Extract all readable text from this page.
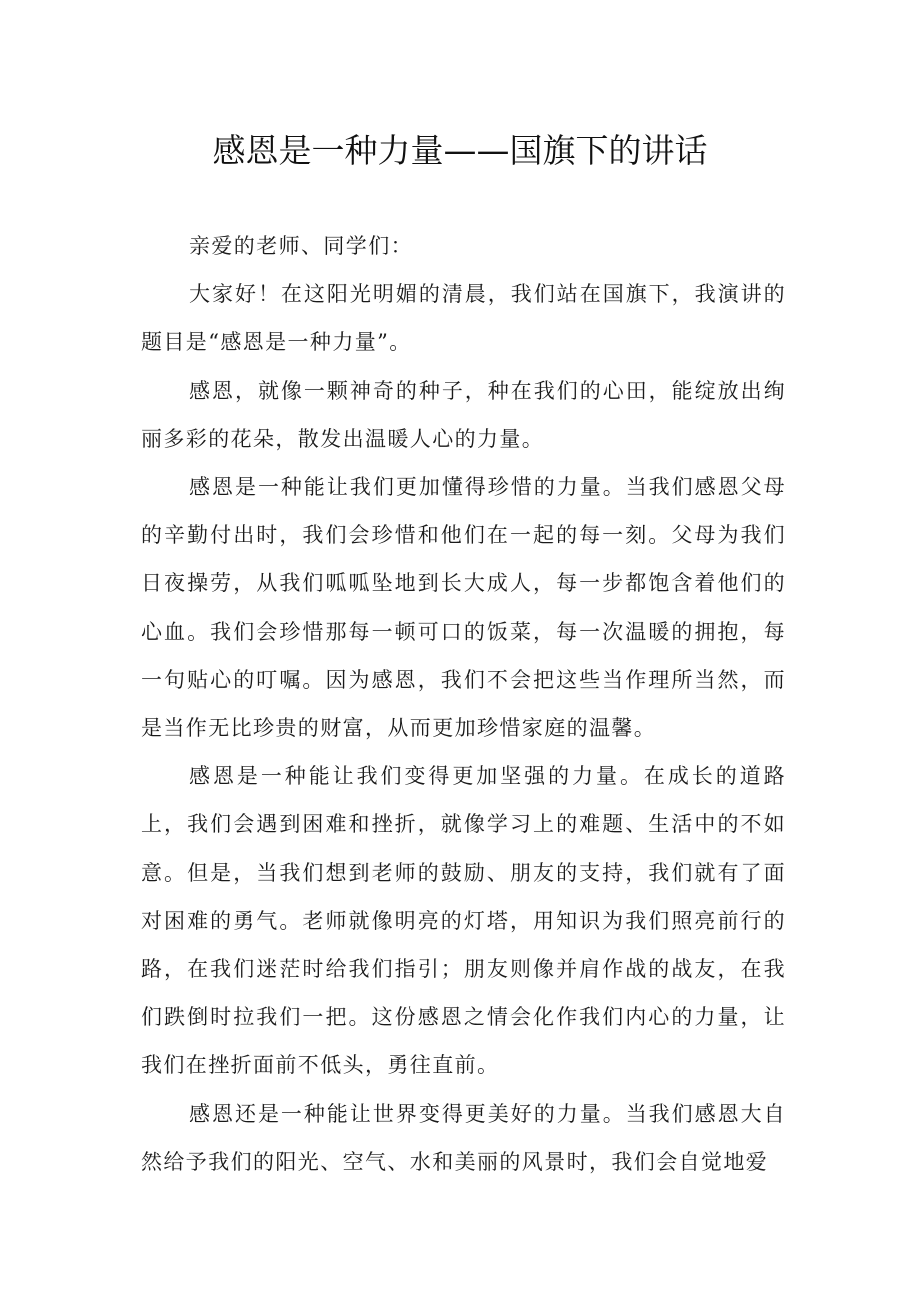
感恩是一种力量——国旗下的讲话

亲爱的老师、同学们：

大家好！在这阳光明媚的清晨，我们站在国旗下，我演讲的题目是“感恩是一种力量”。

感恩，就像一颗神奇的种子，种在我们的心田，能绽放出绚丽多彩的花朵，散发出温暖人心的力量。

感恩是一种能让我们更加懂得珍惜的力量。当我们感恩父母的辛勤付出时，我们会珍惜和他们在一起的每一刻。父母为我们日夜操劳，从我们呱呱坠地到长大成人，每一步都饱含着他们的心血。我们会珍惜那每一顿可口的饭菜，每一次温暖的拥抱，每一句贴心的叮嘱。因为感恩，我们不会把这些当作理所当然，而是当作无比珍贵的财富，从而更加珍惜家庭的温馨。

感恩是一种能让我们变得更加坚强的力量。在成长的道路上，我们会遇到困难和挫折，就像学习上的难题、生活中的不如意。但是，当我们想到老师的鼓励、朋友的支持，我们就有了面对困难的勇气。老师就像明亮的灯塔，用知识为我们照亮前行的路，在我们迷茫时给我们指引；朋友则像并肩作战的战友，在我们跌倒时拉我们一把。这份感恩之情会化作我们内心的力量，让我们在挫折面前不低头，勇往直前。

感恩还是一种能让世界变得更美好的力量。当我们感恩大自然给予我们的阳光、空气、水和美丽的风景时，我们会自觉地爱
